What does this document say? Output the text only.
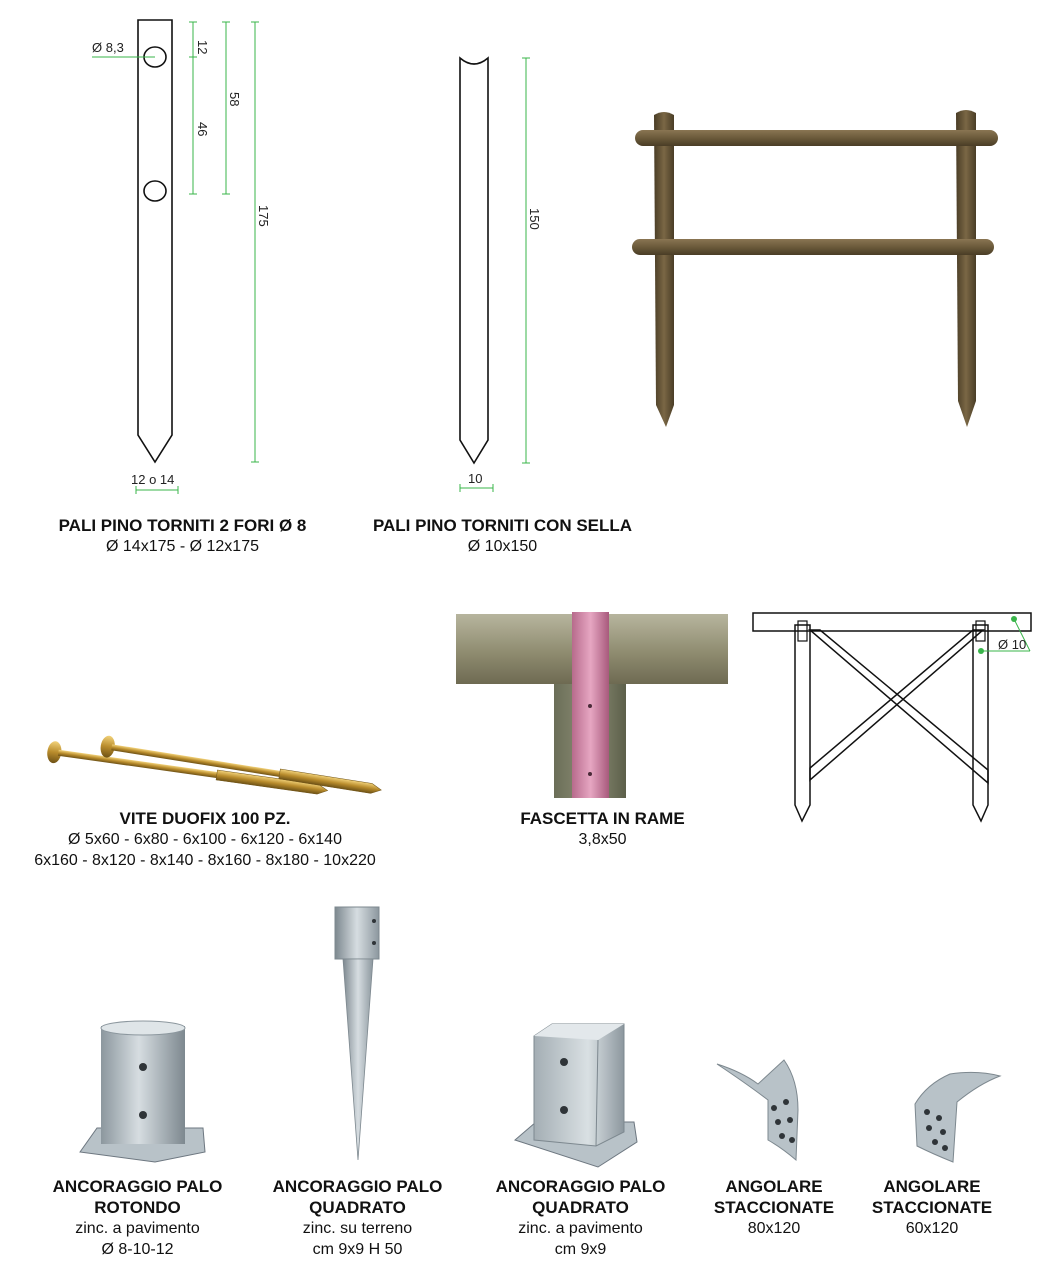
Ø 8,3	12
46
58
175
12 o 14
PALI PINO TORNITI 2 FORI Ø 8
Ø 14x175 - Ø 12x175
150
10
PALI PINO TORNITI CON SELLA
Ø 10x150
VITE DUOFIX 100 PZ.
Ø 5x60 - 6x80 - 6x100 - 6x120 - 6x140
6x160 - 8x120 - 8x140 - 8x160 - 8x180 - 10x220
FASCETTA IN RAME
3,8x50
Ø 10
ANCORAGGIO PALO
ROTONDO
zinc. a pavimento
Ø 8-10-12
ANCORAGGIO PALO
QUADRATO
zinc. su terreno
cm 9x9 H 50
ANCORAGGIO PALO
QUADRATO
zinc. a pavimento
cm 9x9
ANGOLARE
STACCIONATE
80x120
ANGOLARE
STACCIONATE
60x120
